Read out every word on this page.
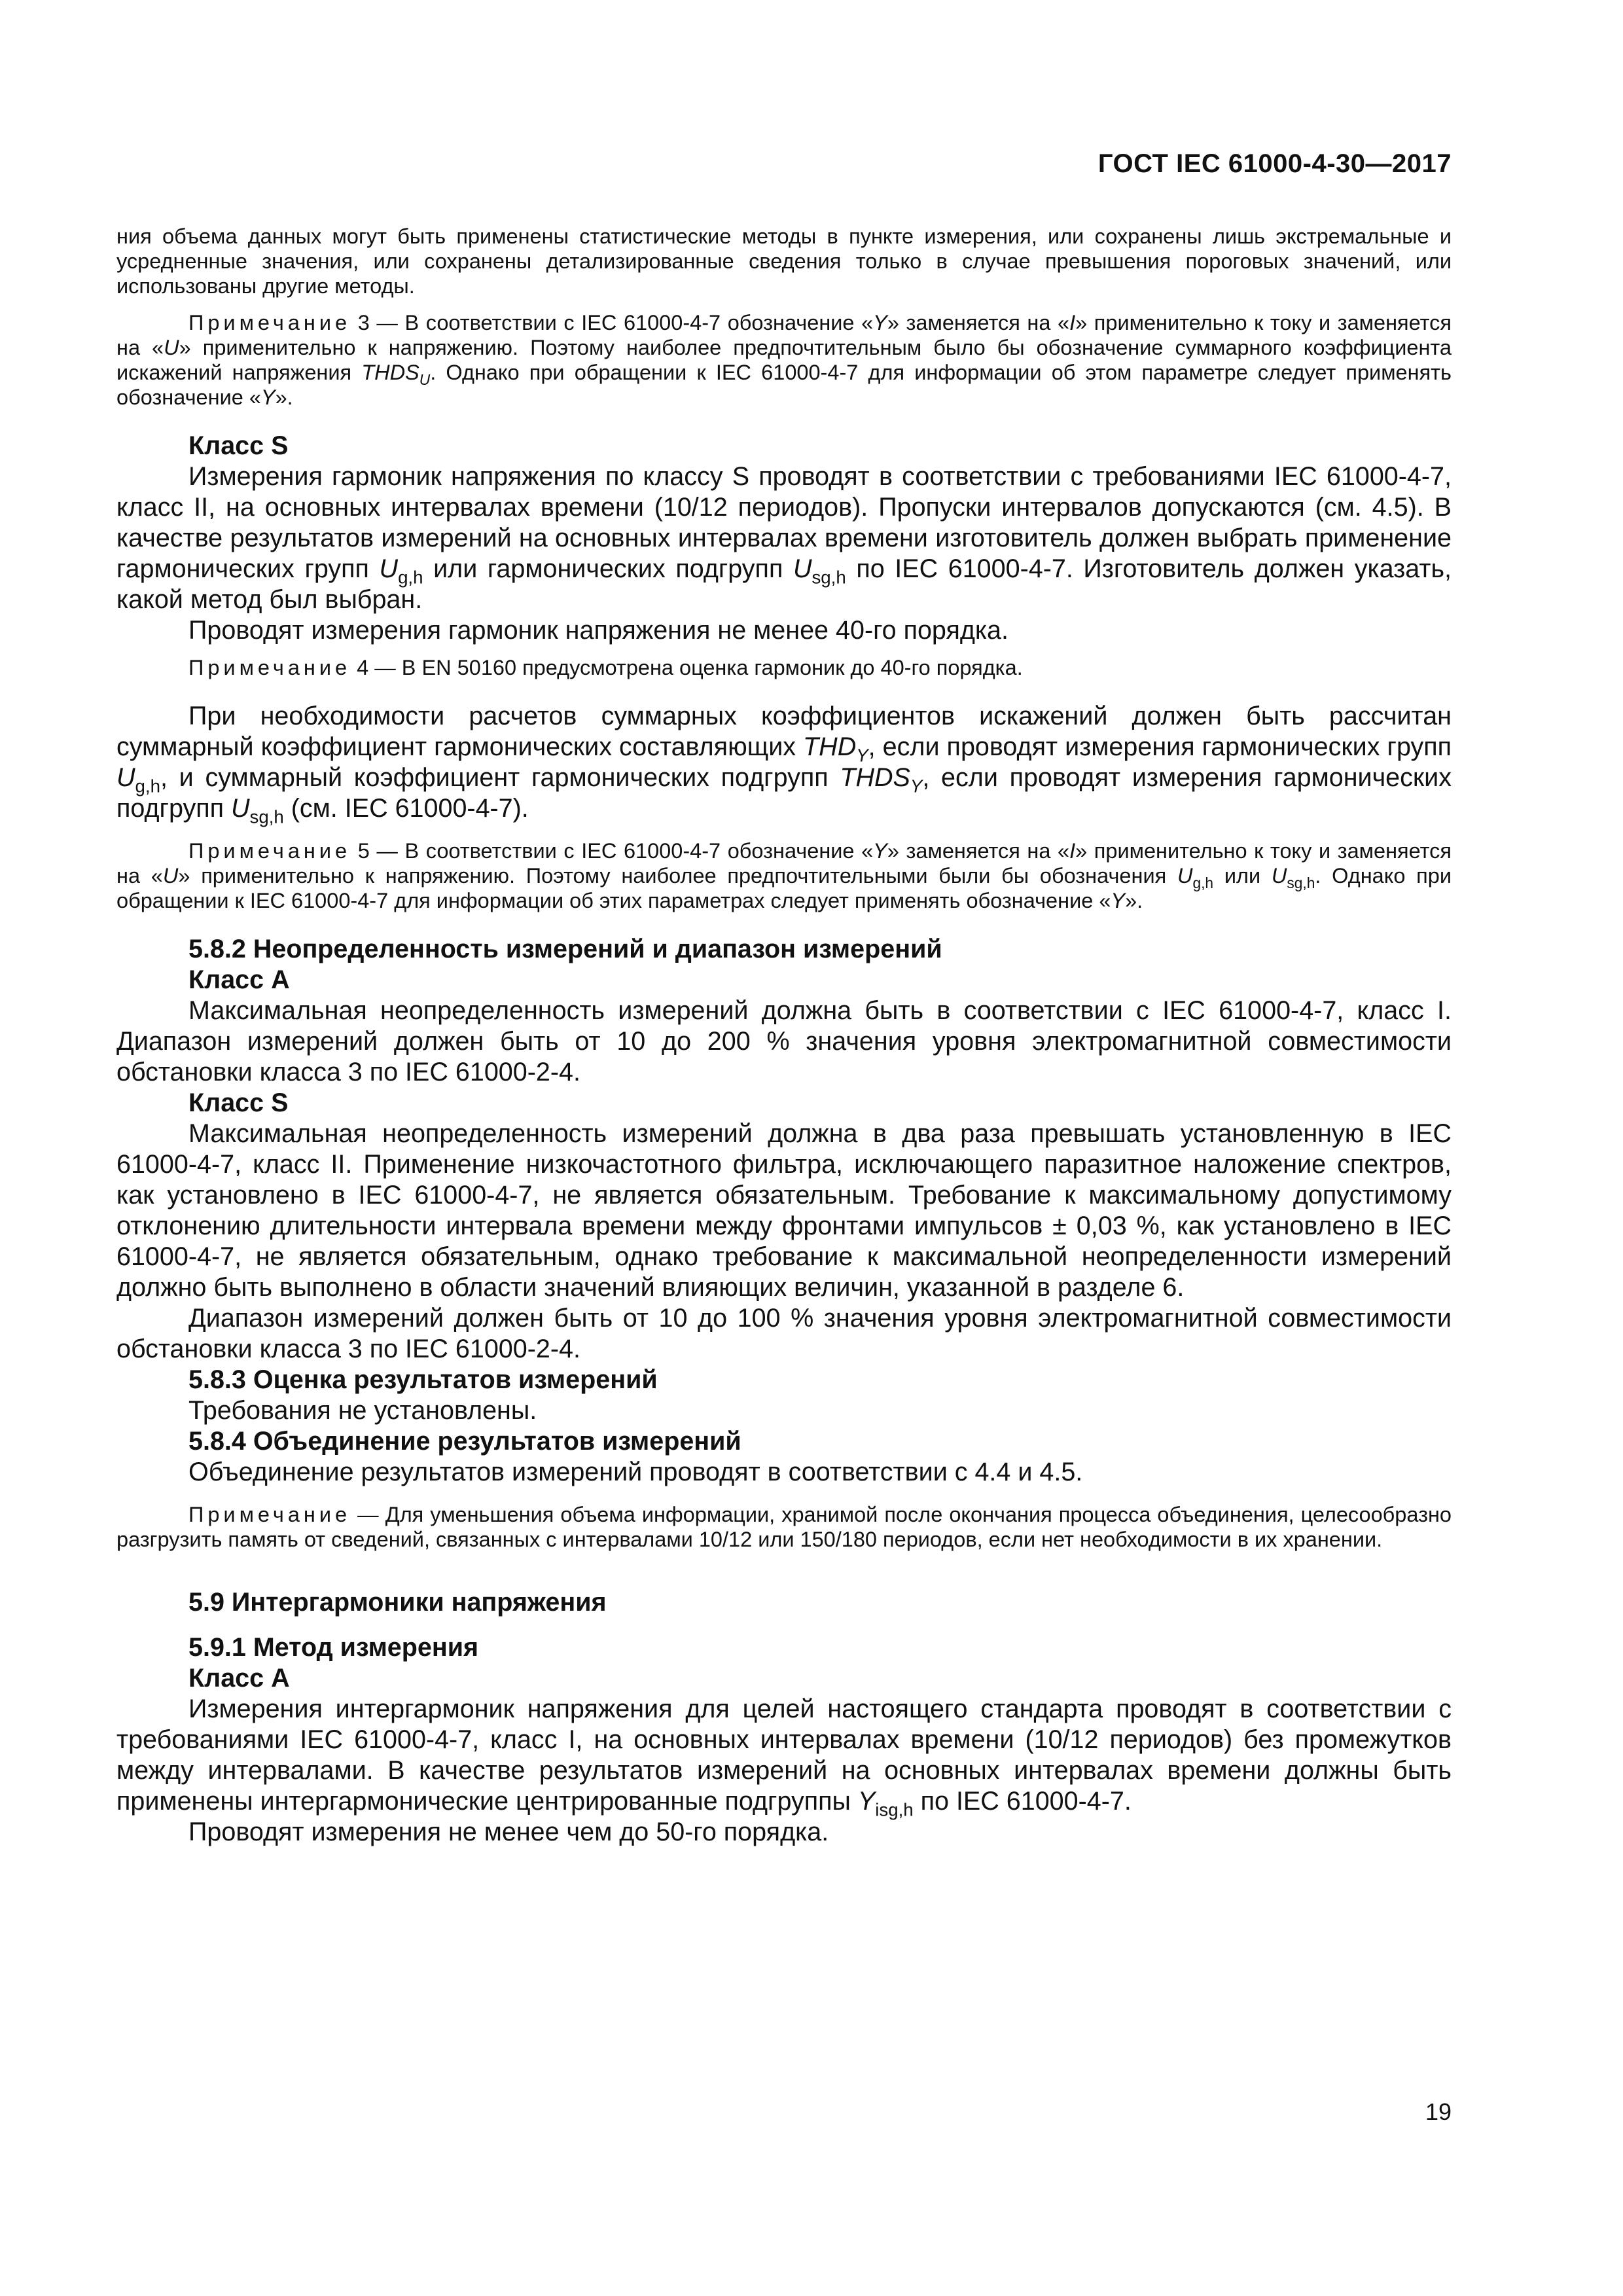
ГОСТ IEC 61000-4-30—2017

ния объема данных могут быть применены статистические методы в пункте измерения, или сохранены лишь экстремальные и усредненные значения, или сохранены детализированные сведения только в случае превышения пороговых значений, или использованы другие методы.

Примечание 3 — В соответствии с IEC 61000-4-7 обозначение «Y» заменяется на «I» применительно к току и заменяется на «U» применительно к напряжению. Поэтому наиболее предпочтительным было бы обозначение суммарного коэффициента искажений напряжения $THDS_U$. Однако при обращении к IEC 61000-4-7 для информации об этом параметре следует применять обозначение «Y».

Класс S

Измерения гармоник напряжения по классу S проводят в соответствии с требованиями IEC 61000-4-7, класс II, на основных интервалах времени (10/12 периодов). Пропуски интервалов допускаются (см. 4.5). В качестве результатов измерений на основных интервалах времени изготовитель должен выбрать применение гармонических групп $U_{g,h}$ или гармонических подгрупп $U_{sg,h}$ по IEC 61000-4-7. Изготовитель должен указать, какой метод был выбран.

Проводят измерения гармоник напряжения не менее 40-го порядка.

Примечание 4 — В EN 50160 предусмотрена оценка гармоник до 40-го порядка.

При необходимости расчетов суммарных коэффициентов искажений должен быть рассчитан суммарный коэффициент гармонических составляющих $THD_Y$, если проводят измерения гармонических групп $U_{g,h}$, и суммарный коэффициент гармонических подгрупп $THDS_Y$, если проводят измерения гармонических подгрупп $U_{sg,h}$ (см. IEC 61000-4-7).

Примечание 5 — В соответствии с IEC 61000-4-7 обозначение «Y» заменяется на «I» применительно к току и заменяется на «U» применительно к напряжению. Поэтому наиболее предпочтительными были бы обозначения $U_{g,h}$ или $U_{sg,h}$. Однако при обращении к IEC 61000-4-7 для информации об этих параметрах следует применять обозначение «Y».

5.8.2 Неопределенность измерений и диапазон измерений

Класс A

Максимальная неопределенность измерений должна быть в соответствии с IEC 61000-4-7, класс I. Диапазон измерений должен быть от 10 до 200 % значения уровня электромагнитной совместимости обстановки класса 3 по IEC 61000-2-4.

Класс S

Максимальная неопределенность измерений должна в два раза превышать установленную в IEC 61000-4-7, класс II. Применение низкочастотного фильтра, исключающего паразитное наложение спектров, как установлено в IEC 61000-4-7, не является обязательным. Требование к максимальному допустимому отклонению длительности интервала времени между фронтами импульсов ± 0,03 %, как установлено в IEC 61000-4-7, не является обязательным, однако требование к максимальной неопределенности измерений должно быть выполнено в области значений влияющих величин, указанной в разделе 6.

Диапазон измерений должен быть от 10 до 100 % значения уровня электромагнитной совместимости обстановки класса 3 по IEC 61000-2-4.

5.8.3 Оценка результатов измерений

Требования не установлены.

5.8.4 Объединение результатов измерений

Объединение результатов измерений проводят в соответствии с 4.4 и 4.5.

Примечание — Для уменьшения объема информации, хранимой после окончания процесса объединения, целесообразно разгрузить память от сведений, связанных с интервалами 10/12 или 150/180 периодов, если нет необходимости в их хранении.

5.9 Интергармоники напряжения

5.9.1 Метод измерения

Класс A

Измерения интергармоник напряжения для целей настоящего стандарта проводят в соответствии с требованиями IEC 61000-4-7, класс I, на основных интервалах времени (10/12 периодов) без промежутков между интервалами. В качестве результатов измерений на основных интервалах времени должны быть применены интергармонические центрированные подгруппы $Y_{isg,h}$ по IEC 61000-4-7.

Проводят измерения не менее чем до 50-го порядка.

19
